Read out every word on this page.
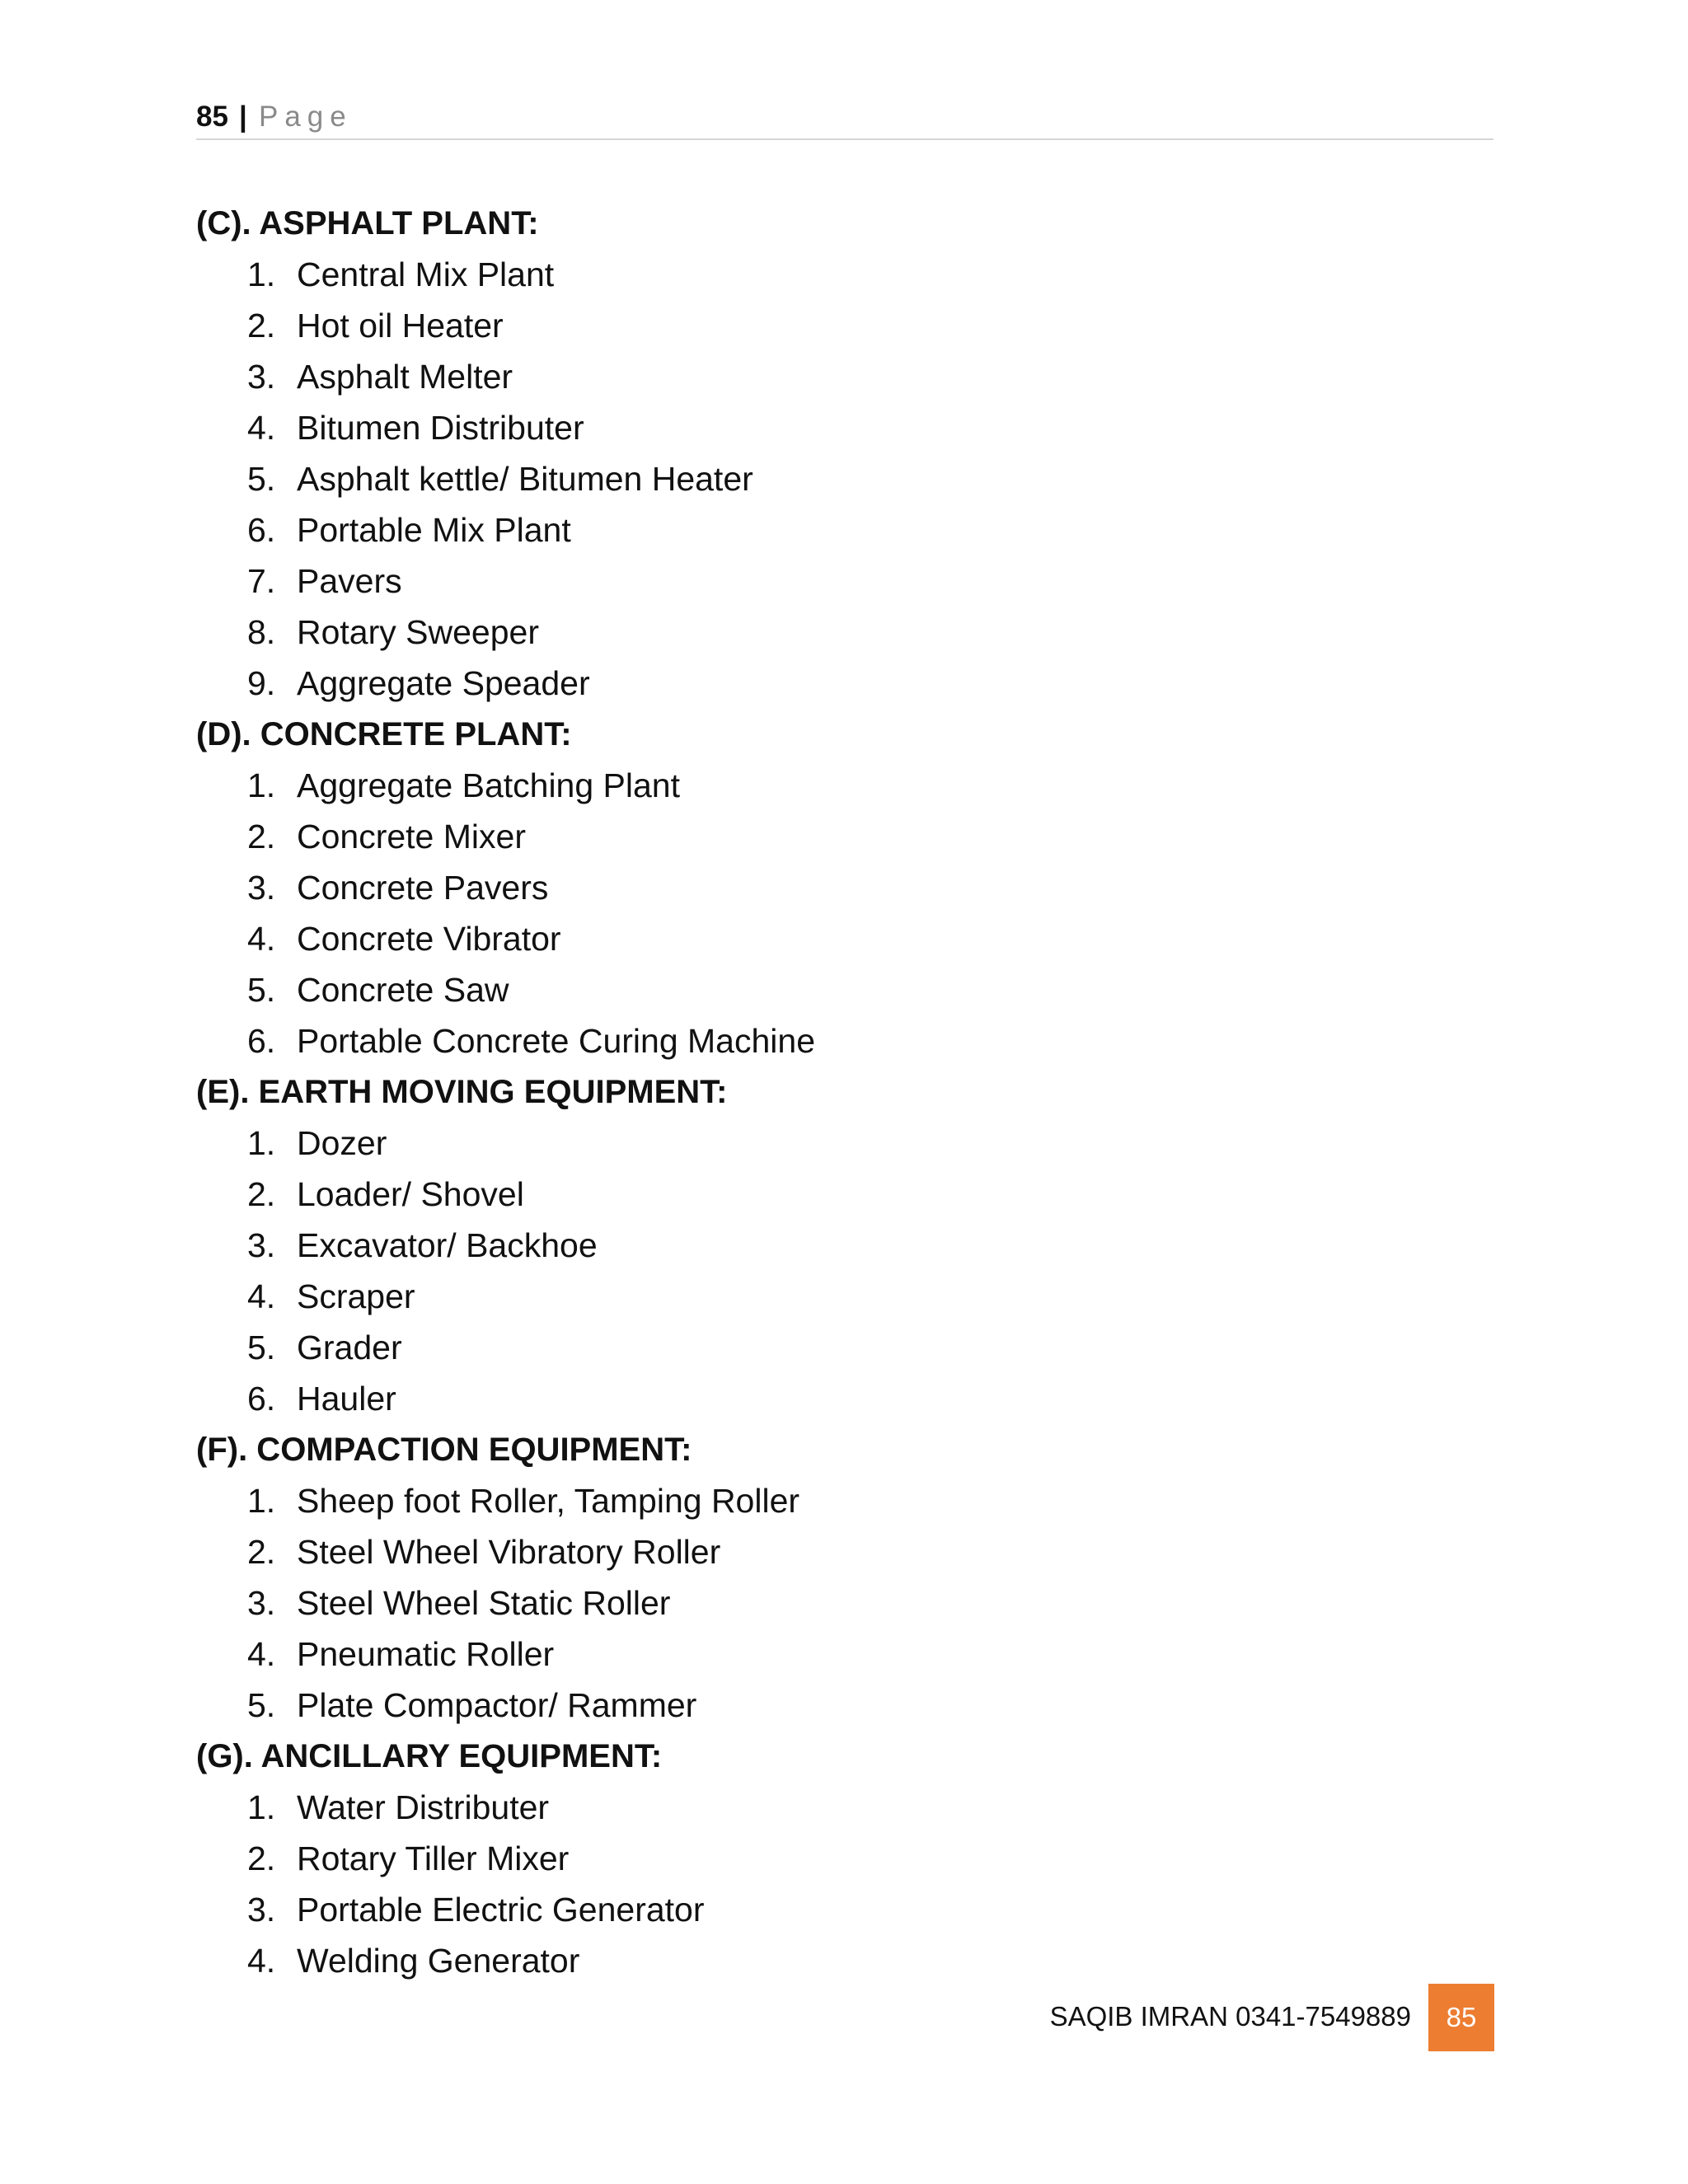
85 | Page
(C). ASPHALT PLANT:
1. Central Mix Plant
2. Hot oil Heater
3. Asphalt Melter
4. Bitumen Distributer
5. Asphalt kettle/ Bitumen Heater
6. Portable Mix Plant
7. Pavers
8. Rotary Sweeper
9. Aggregate Speader
(D). CONCRETE PLANT:
1. Aggregate Batching Plant
2. Concrete Mixer
3. Concrete Pavers
4. Concrete Vibrator
5. Concrete Saw
6. Portable Concrete Curing Machine
(E). EARTH MOVING EQUIPMENT:
1. Dozer
2. Loader/ Shovel
3. Excavator/ Backhoe
4. Scraper
5. Grader
6. Hauler
(F). COMPACTION EQUIPMENT:
1. Sheep foot Roller, Tamping Roller
2. Steel Wheel Vibratory Roller
3. Steel Wheel Static Roller
4. Pneumatic Roller
5. Plate Compactor/ Rammer
(G). ANCILLARY EQUIPMENT:
1. Water Distributer
2. Rotary Tiller Mixer
3. Portable Electric Generator
4. Welding Generator
SAQIB IMRAN 0341-7549889	85
